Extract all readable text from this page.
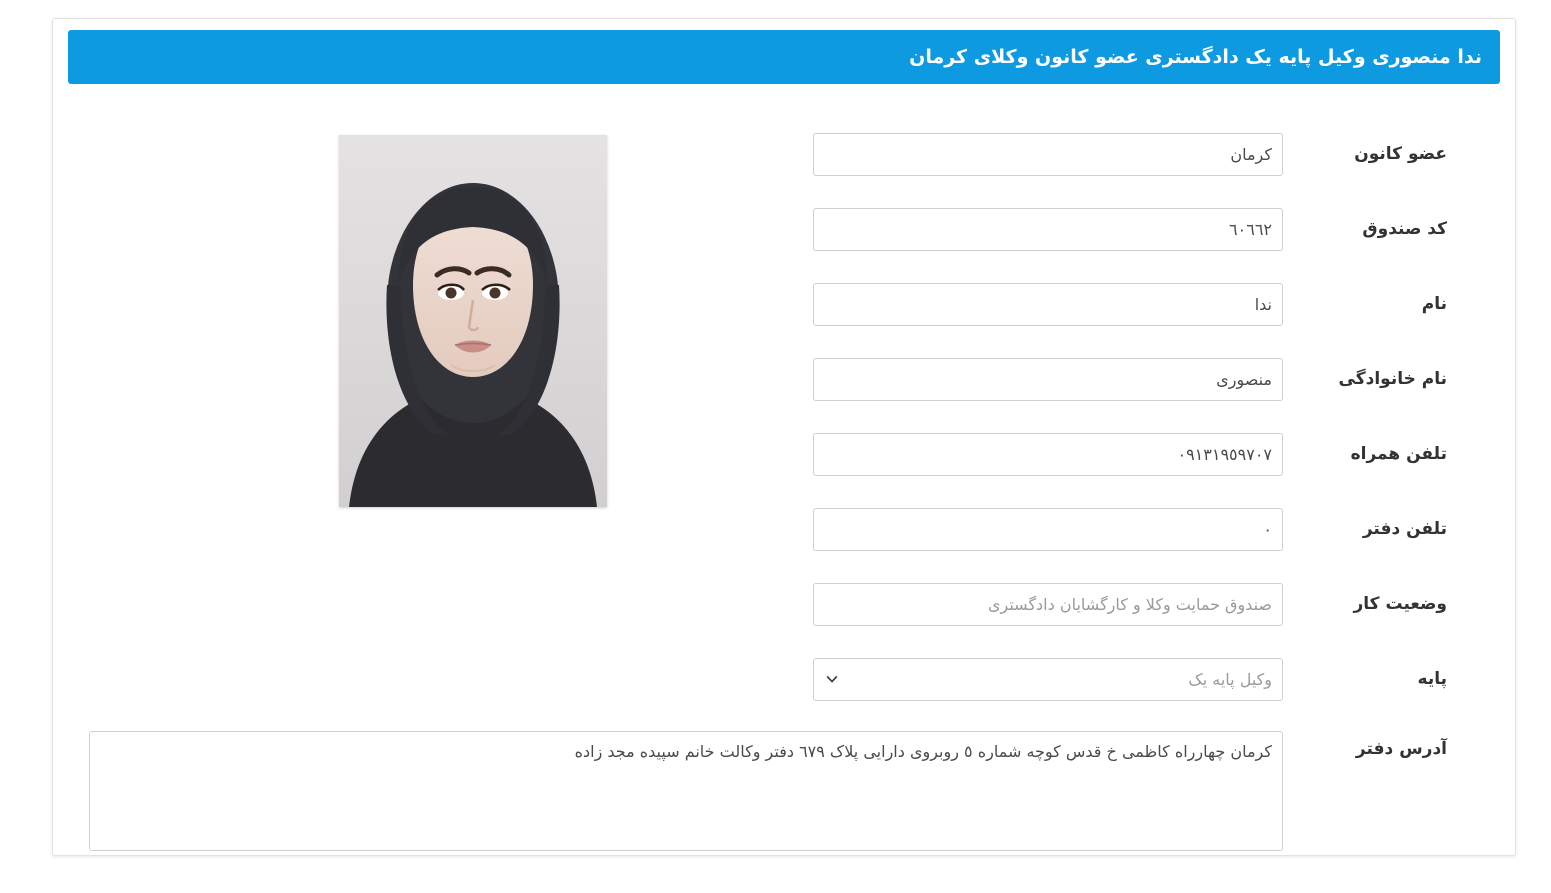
ندا منصوری وکیل پایه یک دادگستری عضو کانون وکلای کرمان
عضو کانون
کرمان
کد صندوق
٦٠٦٦٢
نام
ندا
نام خانوادگی
منصوری
تلفن همراه
٠٩١٣١٩٥٩٧٠٧
تلفن دفتر
٠
وضعیت کار
صندوق حمایت وکلا و کارگشایان دادگستری
پایه
وکیل پایه یک
آدرس دفتر
کرمان چهارراه کاظمی خ قدس کوچه شماره ٥ روبروی دارایی پلاک ٦٧٩ دفتر وکالت خانم سپیده مجد زاده
